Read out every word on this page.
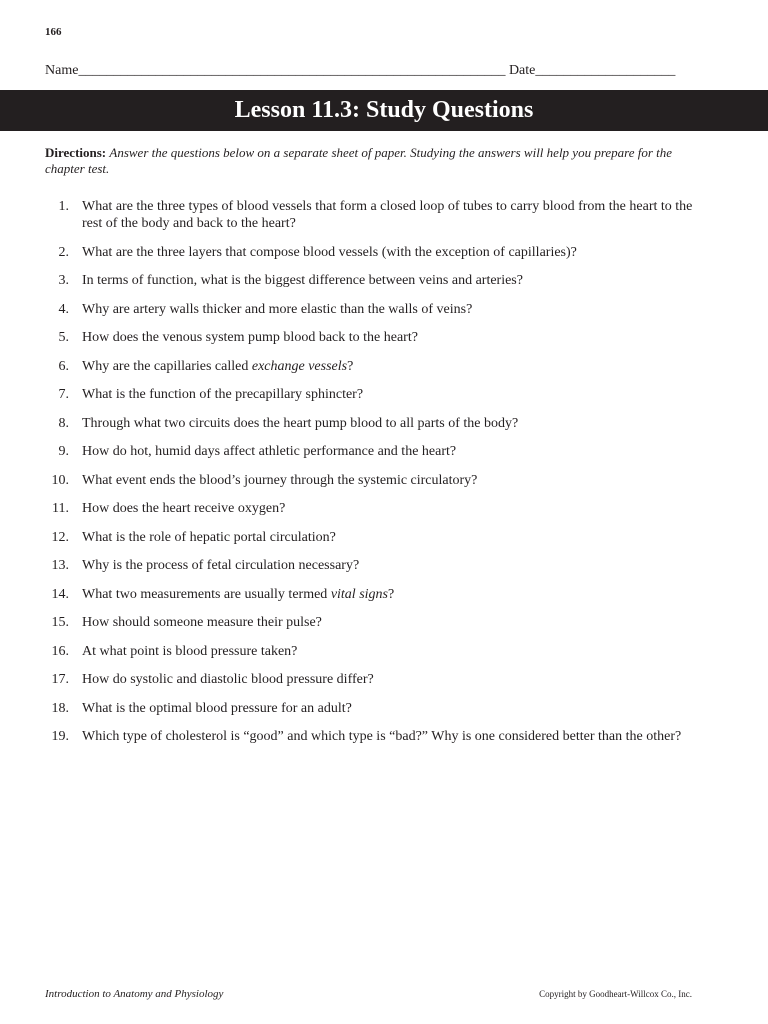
166
Name_____________________________________________________________ Date____________________
Lesson 11.3: Study Questions
Directions: Answer the questions below on a separate sheet of paper. Studying the answers will help you prepare for the chapter test.
1. What are the three types of blood vessels that form a closed loop of tubes to carry blood from the heart to the rest of the body and back to the heart?
2. What are the three layers that compose blood vessels (with the exception of capillaries)?
3. In terms of function, what is the biggest difference between veins and arteries?
4. Why are artery walls thicker and more elastic than the walls of veins?
5. How does the venous system pump blood back to the heart?
6. Why are the capillaries called exchange vessels?
7. What is the function of the precapillary sphincter?
8. Through what two circuits does the heart pump blood to all parts of the body?
9. How do hot, humid days affect athletic performance and the heart?
10. What event ends the blood’s journey through the systemic circulatory?
11. How does the heart receive oxygen?
12. What is the role of hepatic portal circulation?
13. Why is the process of fetal circulation necessary?
14. What two measurements are usually termed vital signs?
15. How should someone measure their pulse?
16. At what point is blood pressure taken?
17. How do systolic and diastolic blood pressure differ?
18. What is the optimal blood pressure for an adult?
19. Which type of cholesterol is “good” and which type is “bad?” Why is one considered better than the other?
Introduction to Anatomy and Physiology	Copyright by Goodheart-Willcox Co., Inc.
